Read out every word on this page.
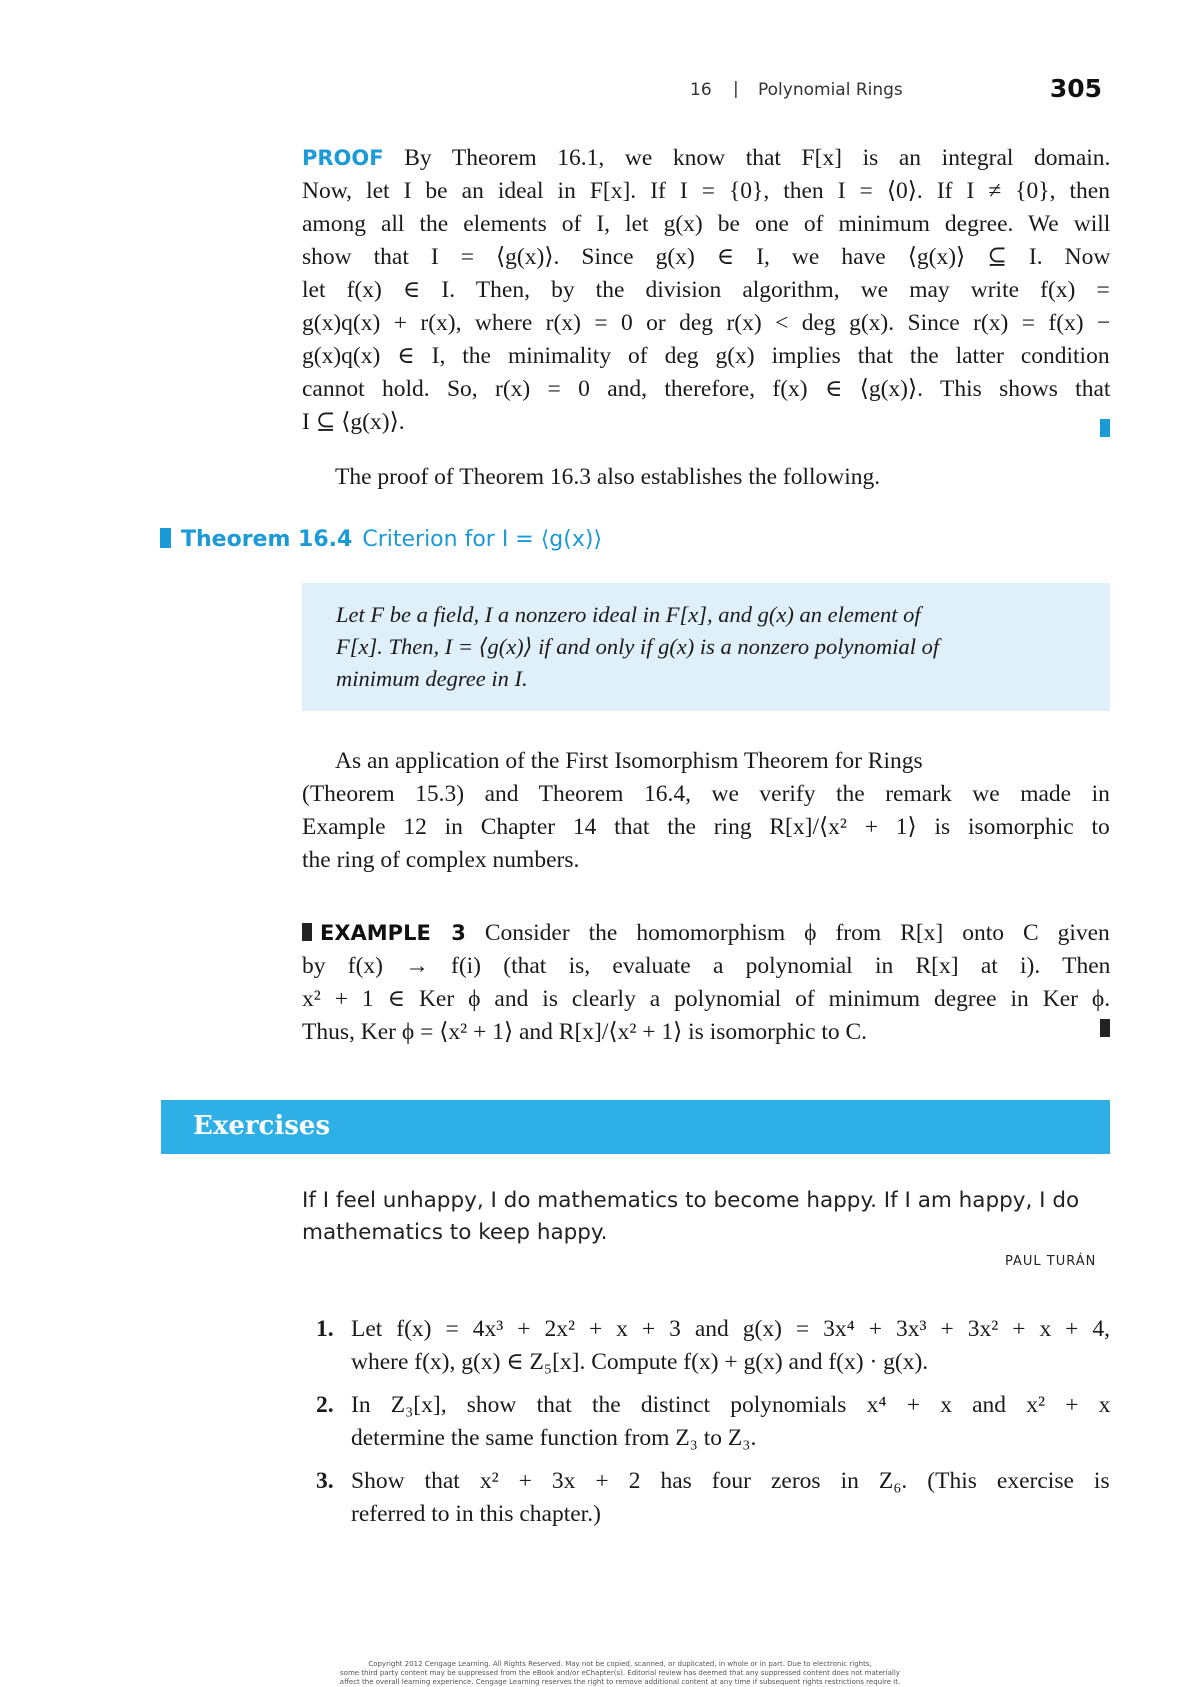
16 | Polynomial Rings	305
PROOF By Theorem 16.1, we know that F[x] is an integral domain.
Now, let I be an ideal in F[x]. If I = {0}, then I = ⟨0⟩. If I ≠ {0}, then
among all the elements of I, let g(x) be one of minimum degree. We will
show that I = ⟨g(x)⟩. Since g(x) ∈ I, we have ⟨g(x)⟩ ⊆ I. Now
let f(x) ∈ I. Then, by the division algorithm, we may write f(x) =
g(x)q(x) + r(x), where r(x) = 0 or deg r(x) < deg g(x). Since r(x) = f(x) −
g(x)q(x) ∈ I, the minimality of deg g(x) implies that the latter condition
cannot hold. So, r(x) = 0 and, therefore, f(x) ∈ ⟨g(x)⟩. This shows that
I ⊆ ⟨g(x)⟩.
The proof of Theorem 16.3 also establishes the following.
Theorem 16.4 Criterion for I = ⟨g(x)⟩
Let F be a field, I a nonzero ideal in F[x], and g(x) an element of
F[x]. Then, I = ⟨g(x)⟩ if and only if g(x) is a nonzero polynomial of
minimum degree in I.
As an application of the First Isomorphism Theorem for Rings
(Theorem 15.3) and Theorem 16.4, we verify the remark we made in
Example 12 in Chapter 14 that the ring R[x]/⟨x² + 1⟩ is isomorphic to
the ring of complex numbers.
EXAMPLE 3 Consider the homomorphism ϕ from R[x] onto C given
by f(x) → f(i) (that is, evaluate a polynomial in R[x] at i). Then
x² + 1 ∈ Ker ϕ and is clearly a polynomial of minimum degree in Ker ϕ.
Thus, Ker ϕ = ⟨x² + 1⟩ and R[x]/⟨x² + 1⟩ is isomorphic to C.
Exercises
If I feel unhappy, I do mathematics to become happy. If I am happy, I do
mathematics to keep happy.
PAUL TURÁN
1. Let f(x) = 4x³ + 2x² + x + 3 and g(x) = 3x⁴ + 3x³ + 3x² + x + 4,
where f(x), g(x) ∈ Z₅[x]. Compute f(x) + g(x) and f(x) · g(x).
2. In Z₃[x], show that the distinct polynomials x⁴ + x and x² + x
determine the same function from Z₃ to Z₃.
3. Show that x² + 3x + 2 has four zeros in Z₆. (This exercise is
referred to in this chapter.)
Copyright 2012 Cengage Learning. All Rights Reserved. May not be copied, scanned, or duplicated, in whole or in part. Due to electronic rights,
some third party content may be suppressed from the eBook and/or eChapter(s). Editorial review has deemed that any suppressed content does not materially
affect the overall learning experience. Cengage Learning reserves the right to remove additional content at any time if subsequent rights restrictions require it.
